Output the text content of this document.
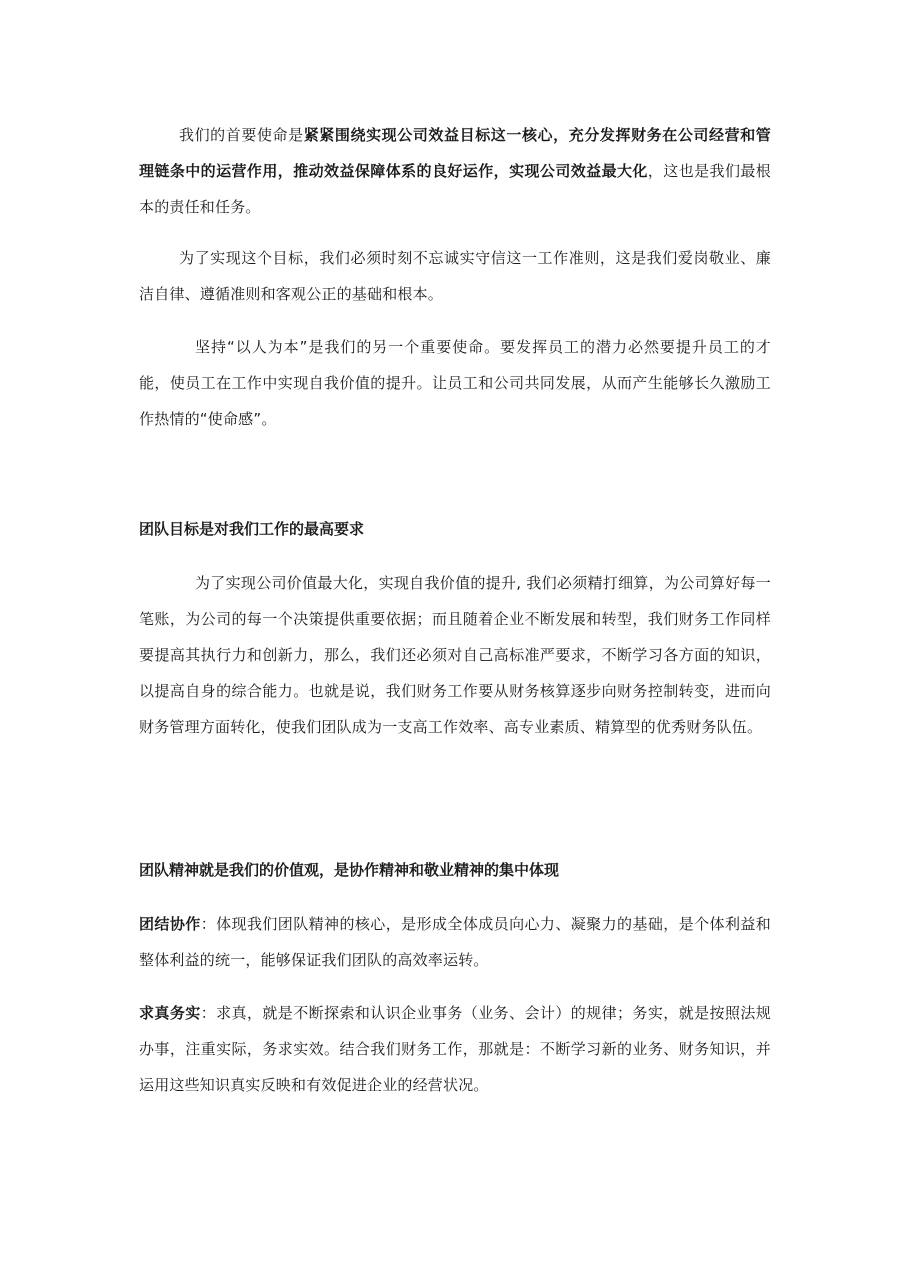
我们的首要使命是紧紧围绕实现公司效益目标这一核心，充分发挥财务在公司经营和管理链条中的运营作用，推动效益保障体系的良好运作，实现公司效益最大化，这也是我们最根本的责任和任务。

为了实现这个目标，我们必须时刻不忘诚实守信这一工作准则，这是我们爱岗敬业、廉洁自律、遵循准则和客观公正的基础和根本。

坚持“以人为本”是我们的另一个重要使命。要发挥员工的潜力必然要提升员工的才能，使员工在工作中实现自我价值的提升。让员工和公司共同发展，从而产生能够长久激励工作热情的“使命感”。

团队目标是对我们工作的最高要求

为了实现公司价值最大化，实现自我价值的提升, 我们必须精打细算，为公司算好每一笔账，为公司的每一个决策提供重要依据；而且随着企业不断发展和转型，我们财务工作同样要提高其执行力和创新力，那么，我们还必须对自己高标准严要求，不断学习各方面的知识，以提高自身的综合能力。也就是说，我们财务工作要从财务核算逐步向财务控制转变，进而向财务管理方面转化，使我们团队成为一支高工作效率、高专业素质、精算型的优秀财务队伍。

团队精神就是我们的价值观，是协作精神和敬业精神的集中体现

团结协作：体现我们团队精神的核心，是形成全体成员向心力、凝聚力的基础，是个体利益和整体利益的统一，能够保证我们团队的高效率运转。

求真务实：求真，就是不断探索和认识企业事务（业务、会计）的规律；务实，就是按照法规办事，注重实际，务求实效。结合我们财务工作，那就是：不断学习新的业务、财务知识，并运用这些知识真实反映和有效促进企业的经营状况。
